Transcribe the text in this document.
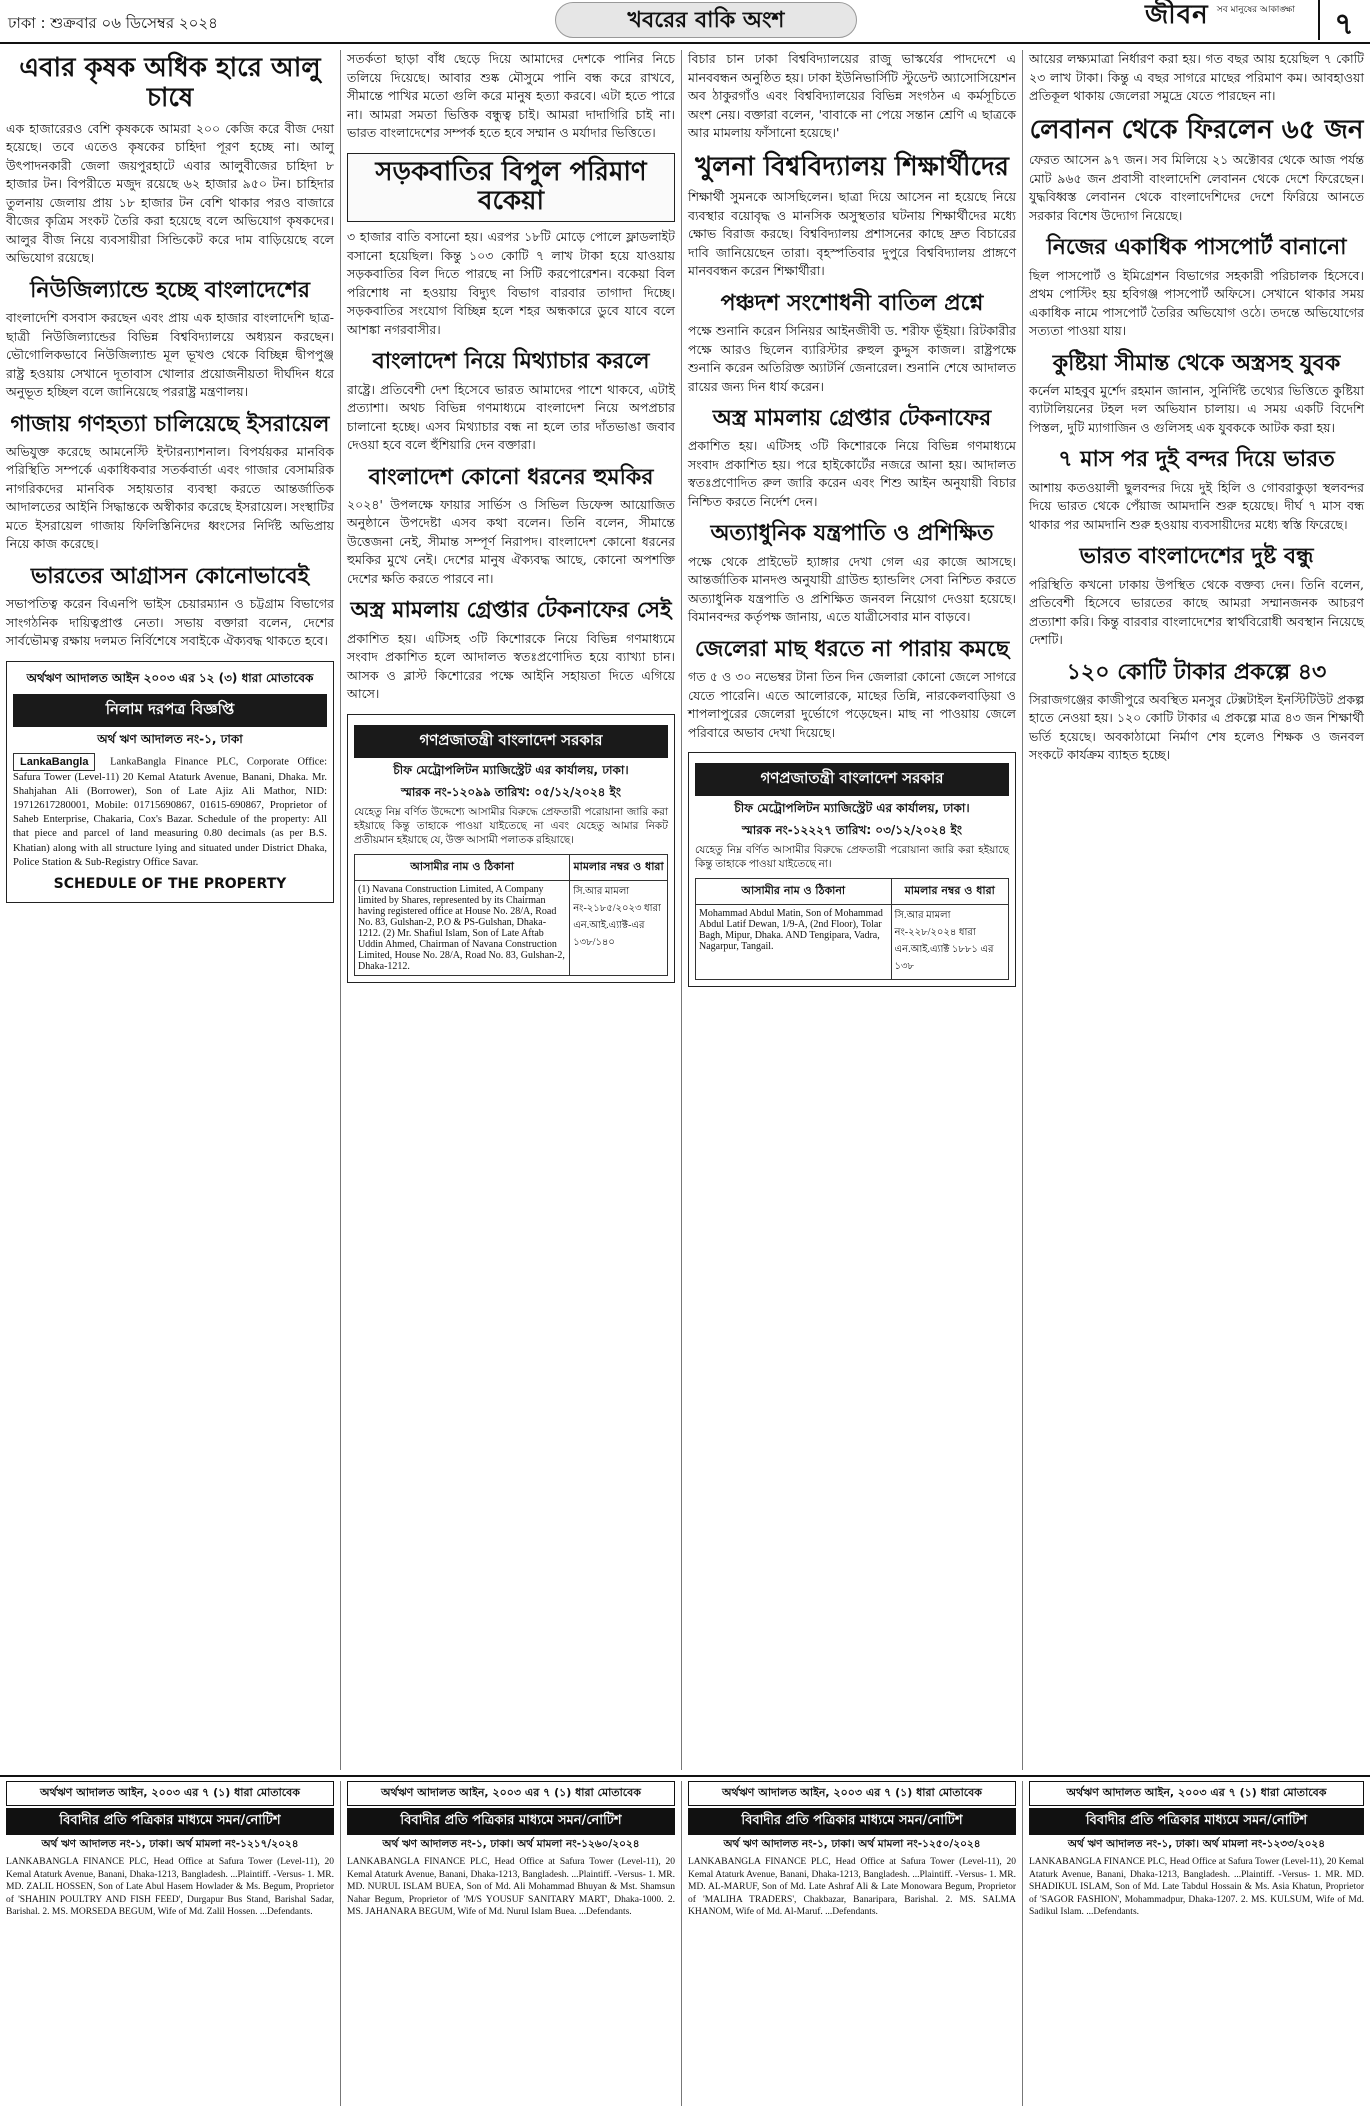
ঢাকা : শুক্রবার ০৬ ডিসেম্বর ২০২৪	খবরের বাকি অংশ	সব মানুষের আকাঙ্ক্ষা
জীবন	৭
এবার কৃষক অধিক হারে আলু চাষে

এক হাজারেরও বেশি কৃষককে আমরা ২০০ কেজি করে বীজ দেয়া হয়েছে। তবে এতেও কৃষকের চাহিদা পূরণ হচ্ছে না। আলু উৎপাদনকারী জেলা জয়পুরহাটে এবার আলুবীজের চাহিদা ৮ হাজার টন। বিপরীতে মজুদ রয়েছে ৬২ হাজার ৯৫০ টন। চাহিদার তুলনায় জেলায় প্রায় ১৮ হাজার টন বেশি থাকার পরও বাজারে বীজের কৃত্রিম সংকট তৈরি করা হয়েছে বলে অভিযোগ কৃষকদের। আলুর বীজ নিয়ে ব্যবসায়ীরা সিন্ডিকেট করে দাম বাড়িয়েছে বলে অভিযোগ রয়েছে।

নিউজিল্যান্ডে হচ্ছে বাংলাদেশের

বাংলাদেশি বসবাস করছেন এবং প্রায় এক হাজার বাংলাদেশি ছাত্র-ছাত্রী নিউজিল্যান্ডের বিভিন্ন বিশ্ববিদ্যালয়ে অধ্যয়ন করছেন। ভৌগোলিকভাবে নিউজিল্যান্ড মূল ভূখণ্ড থেকে বিচ্ছিন্ন দ্বীপপুঞ্জ রাষ্ট্র হওয়ায় সেখানে দূতাবাস খোলার প্রয়োজনীয়তা দীর্ঘদিন ধরে অনুভূত হচ্ছিল বলে জানিয়েছে পররাষ্ট্র মন্ত্রণালয়।

গাজায় গণহত্যা চালিয়েছে ইসরায়েল

অভিযুক্ত করেছে আমনেস্টি ইন্টারন্যাশনাল। বিপর্যয়কর মানবিক পরিস্থিতি সম্পর্কে একাধিকবার সতর্কবার্তা এবং গাজার বেসামরিক নাগরিকদের মানবিক সহায়তার ব্যবস্থা করতে আন্তর্জাতিক আদালতের আইনি সিদ্ধান্তকে অস্বীকার করেছে ইসরায়েল। সংস্থাটির মতে ইসরায়েল গাজায় ফিলিস্তিনিদের ধ্বংসের নির্দিষ্ট অভিপ্রায় নিয়ে কাজ করেছে।

ভারতের আগ্রাসন কোনোভাবেই

সভাপতিত্ব করেন বিএনপি ভাইস চেয়ারম্যান ও চট্টগ্রাম বিভাগের সাংগঠনিক দায়িত্বপ্রাপ্ত নেতা। সভায় বক্তারা বলেন, দেশের সার্বভৌমত্ব রক্ষায় দলমত নির্বিশেষে সবাইকে ঐক্যবদ্ধ থাকতে হবে।

অর্থঋণ আদালত আইন ২০০৩ এর ১২ (৩) ধারা মোতাবেক
নিলাম দরপত্র বিজ্ঞপ্তি
অর্থ ঋণ আদালত নং-১, ঢাকা
LankaBangla LankaBangla Finance PLC, Corporate Office: Safura Tower (Level-11) 20 Kemal Ataturk Avenue, Banani, Dhaka. Mr. Shahjahan Ali (Borrower), Son of Late Ajiz Ali Mathor, NID: 19712617280001, Mobile: 01715690867, 01615-690867, Proprietor of Saheb Enterprise, Chakaria, Cox's Bazar. Schedule of the property: All that piece and parcel of land measuring 0.80 decimals (as per B.S. Khatian) along with all structure lying and situated under District Dhaka, Police Station & Sub-Registry Office Savar.
SCHEDULE OF THE PROPERTY

সতর্কতা ছাড়া বাঁধ ছেড়ে দিয়ে আমাদের দেশকে পানির নিচে তলিয়ে দিয়েছে। আবার শুষ্ক মৌসুমে পানি বন্ধ করে রাখবে, সীমান্তে পাখির মতো গুলি করে মানুষ হত্যা করবে। এটা হতে পারে না। আমরা সমতা ভিত্তিক বন্ধুত্ব চাই। আমরা দাদাগিরি চাই না। ভারত বাংলাদেশের সম্পর্ক হতে হবে সম্মান ও মর্যাদার ভিত্তিতে।

সড়কবাতির বিপুল পরিমাণ বকেয়া

৩ হাজার বাতি বসানো হয়। এরপর ১৮টি মোড়ে পোলে ফ্লাডলাইট বসানো হয়েছিল। কিন্তু ১০৩ কোটি ৭ লাখ টাকা হয়ে যাওয়ায় সড়কবাতির বিল দিতে পারছে না সিটি করপোরেশন। বকেয়া বিল পরিশোধ না হওয়ায় বিদ্যুৎ বিভাগ বারবার তাগাদা দিচ্ছে। সড়কবাতির সংযোগ বিচ্ছিন্ন হলে শহর অন্ধকারে ডুবে যাবে বলে আশঙ্কা নগরবাসীর।

বাংলাদেশ নিয়ে মিথ্যাচার করলে

রাষ্ট্রে। প্রতিবেশী দেশ হিসেবে ভারত আমাদের পাশে থাকবে, এটাই প্রত্যাশা। অথচ বিভিন্ন গণমাধ্যমে বাংলাদেশ নিয়ে অপপ্রচার চালানো হচ্ছে। এসব মিথ্যাচার বন্ধ না হলে তার দাঁতভাঙা জবাব দেওয়া হবে বলে হুঁশিয়ারি দেন বক্তারা।

বাংলাদেশ কোনো ধরনের হুমকির

২০২৪' উপলক্ষে ফায়ার সার্ভিস ও সিভিল ডিফেন্স আয়োজিত অনুষ্ঠানে উপদেষ্টা এসব কথা বলেন। তিনি বলেন, সীমান্তে উত্তেজনা নেই, সীমান্ত সম্পূর্ণ নিরাপদ। বাংলাদেশ কোনো ধরনের হুমকির মুখে নেই। দেশের মানুষ ঐক্যবদ্ধ আছে, কোনো অপশক্তি দেশের ক্ষতি করতে পারবে না।

অস্ত্র মামলায় গ্রেপ্তার টেকনাফের সেই

প্রকাশিত হয়। এটিসহ ৩টি কিশোরকে নিয়ে বিভিন্ন গণমাধ্যমে সংবাদ প্রকাশিত হলে আদালত স্বতঃপ্রণোদিত হয়ে ব্যাখ্যা চান। আসক ও ব্লাস্ট কিশোরের পক্ষে আইনি সহায়তা দিতে এগিয়ে আসে।

গণপ্রজাতন্ত্রী বাংলাদেশ সরকার
চীফ মেট্রোপলিটন ম্যাজিস্ট্রেট এর কার্যালয়, ঢাকা।
স্মারক নং-১২০৯৯ তারিখ: ০৫/১২/২০২৪ ইং
যেহেতু নিম্ন বর্ণিত উদ্দেশ্যে আসামীর বিরুদ্ধে প্রেফতারী পরোয়ানা জারি করা হইয়াছে কিন্তু তাহাকে পাওয়া যাইতেছে না এবং যেহেতু আমার নিকট প্রতীয়মান হইয়াছে যে, উক্ত আসামী পলাতক রহিয়াছে।
আসামীর নাম ও ঠিকানা	মামলার নম্বর ও ধারা
(1) Navana Construction Limited, A Company limited by Shares, represented by its Chairman having registered office at House No. 28/A, Road No. 83, Gulshan-2, P.O & PS-Gulshan, Dhaka-1212. (2) Mr. Shafiul Islam, Son of Late Aftab Uddin Ahmed, Chairman of Navana Construction Limited, House No. 28/A, Road No. 83, Gulshan-2, Dhaka-1212.	সি.আর মামলা নং-২১৮৫/২০২৩ ধারা এন.আই.এ্যাক্ট-এর ১৩৮/১৪০

বিচার চান ঢাকা বিশ্ববিদ্যালয়ের রাজু ভাস্কর্যের পাদদেশে এ মানববন্ধন অনুষ্ঠিত হয়। ঢাকা ইউনিভার্সিটি স্টুডেন্ট অ্যাসোসিয়েশন অব ঠাকুরগাঁও এবং বিশ্ববিদ্যালয়ের বিভিন্ন সংগঠন এ কর্মসূচিতে অংশ নেয়। বক্তারা বলেন, 'বাবাকে না পেয়ে সন্তান শ্রেণি এ ছাত্রকে আর মামলায় ফাঁসানো হয়েছে।'

খুলনা বিশ্ববিদ্যালয় শিক্ষার্থীদের

শিক্ষার্থী সুমনকে আসছিলেন। ছাত্রা দিয়ে আসেন না হয়েছে নিয়ে ব্যবস্থার বয়োবৃদ্ধ ও মানসিক অসুস্থতার ঘটনায় শিক্ষার্থীদের মধ্যে ক্ষোভ বিরাজ করছে। বিশ্ববিদ্যালয় প্রশাসনের কাছে দ্রুত বিচারের দাবি জানিয়েছেন তারা। বৃহস্পতিবার দুপুরে বিশ্ববিদ্যালয় প্রাঙ্গণে মানববন্ধন করেন শিক্ষার্থীরা।

পঞ্চদশ সংশোধনী বাতিল প্রশ্নে

পক্ষে শুনানি করেন সিনিয়র আইনজীবী ড. শরীফ ভূঁইয়া। রিটকারীর পক্ষে আরও ছিলেন ব্যারিস্টার রুহুল কুদ্দুস কাজল। রাষ্ট্রপক্ষে শুনানি করেন অতিরিক্ত অ্যাটর্নি জেনারেল। শুনানি শেষে আদালত রায়ের জন্য দিন ধার্য করেন।

অস্ত্র মামলায় গ্রেপ্তার টেকনাফের

প্রকাশিত হয়। এটিসহ ৩টি কিশোরকে নিয়ে বিভিন্ন গণমাধ্যমে সংবাদ প্রকাশিত হয়। পরে হাইকোর্টের নজরে আনা হয়। আদালত স্বতঃপ্রণোদিত রুল জারি করেন এবং শিশু আইন অনুযায়ী বিচার নিশ্চিত করতে নির্দেশ দেন।

অত্যাধুনিক যন্ত্রপাতি ও প্রশিক্ষিত

পক্ষে থেকে প্রাইভেট হ্যাঙ্গার দেখা গেল এর কাজে আসছে। আন্তর্জাতিক মানদণ্ড অনুযায়ী গ্রাউন্ড হ্যান্ডলিং সেবা নিশ্চিত করতে অত্যাধুনিক যন্ত্রপাতি ও প্রশিক্ষিত জনবল নিয়োগ দেওয়া হয়েছে। বিমানবন্দর কর্তৃপক্ষ জানায়, এতে যাত্রীসেবার মান বাড়বে।

জেলেরা মাছ ধরতে না পারায় কমছে

গত ৫ ও ৩০ নভেম্বর টানা তিন দিন জেলারা কোনো জেলে সাগরে যেতে পারেনি। এতে আলোরকে, মাছের তিন্নি, নারকেলবাড়িয়া ও শাপলাপুরের জেলেরা দুর্ভোগে পড়েছেন। মাছ না পাওয়ায় জেলে পরিবারে অভাব দেখা দিয়েছে।

গণপ্রজাতন্ত্রী বাংলাদেশ সরকার
চীফ মেট্রোপলিটন ম্যাজিস্ট্রেট এর কার্যালয়, ঢাকা।
স্মারক নং-১২২২৭ তারিখ: ০৩/১২/২০২৪ ইং
যেহেতু নিম্ন বর্ণিত আসামীর বিরুদ্ধে প্রেফতারী পরোয়ানা জারি করা হইয়াছে কিন্তু তাহাকে পাওয়া যাইতেছে না।
আসামীর নাম ও ঠিকানা	মামলার নম্বর ও ধারা
Mohammad Abdul Matin, Son of Mohammad Abdul Latif Dewan, 1/9-A, (2nd Floor), Tolar Bagh, Mipur, Dhaka. AND Tengipara, Vadra, Nagarpur, Tangail.	সি.আর মামলা নং-২২৮/২০২৪ ধারা এন.আই.এ্যাক্ট ১৮৮১ এর ১৩৮

আয়ের লক্ষ্যমাত্রা নির্ধারণ করা হয়। গত বছর আয় হয়েছিল ৭ কোটি ২৩ লাখ টাকা। কিন্তু এ বছর সাগরে মাছের পরিমাণ কম। আবহাওয়া প্রতিকূল থাকায় জেলেরা সমুদ্রে যেতে পারছেন না।

লেবানন থেকে ফিরলেন ৬৫ জন

ফেরত আসেন ৯৭ জন। সব মিলিয়ে ২১ অক্টোবর থেকে আজ পর্যন্ত মোট ৯৬৫ জন প্রবাসী বাংলাদেশি লেবানন থেকে দেশে ফিরেছেন। যুদ্ধবিধ্বস্ত লেবানন থেকে বাংলাদেশিদের দেশে ফিরিয়ে আনতে সরকার বিশেষ উদ্যোগ নিয়েছে।

নিজের একাধিক পাসপোর্ট বানানো

ছিল পাসপোর্ট ও ইমিগ্রেশন বিভাগের সহকারী পরিচালক হিসেবে। প্রথম পোস্টিং হয় হবিগঞ্জ পাসপোর্ট অফিসে। সেখানে থাকার সময় একাধিক নামে পাসপোর্ট তৈরির অভিযোগ ওঠে। তদন্তে অভিযোগের সত্যতা পাওয়া যায়।

কুষ্টিয়া সীমান্ত থেকে অস্ত্রসহ যুবক

কর্নেল মাহবুব মুর্শেদ রহমান জানান, সুনির্দিষ্ট তথ্যের ভিত্তিতে কুষ্টিয়া ব্যাটালিয়নের টহল দল অভিযান চালায়। এ সময় একটি বিদেশি পিস্তল, দুটি ম্যাগাজিন ও গুলিসহ এক যুবককে আটক করা হয়।

৭ মাস পর দুই বন্দর দিয়ে ভারত

আশায় কতওয়ালী ছুলবন্দর দিয়ে দুই হিলি ও গোবরাকুড়া স্থলবন্দর দিয়ে ভারত থেকে পেঁয়াজ আমদানি শুরু হয়েছে। দীর্ঘ ৭ মাস বন্ধ থাকার পর আমদানি শুরু হওয়ায় ব্যবসায়ীদের মধ্যে স্বস্তি ফিরেছে।

ভারত বাংলাদেশের দুষ্ট বন্ধু

পরিস্থিতি কখনো ঢাকায় উপস্থিত থেকে বক্তব্য দেন। তিনি বলেন, প্রতিবেশী হিসেবে ভারতের কাছে আমরা সম্মানজনক আচরণ প্রত্যাশা করি। কিন্তু বারবার বাংলাদেশের স্বার্থবিরোধী অবস্থান নিয়েছে দেশটি।

১২০ কোটি টাকার প্রকল্পে ৪৩

সিরাজগঞ্জের কাজীপুরে অবস্থিত মনসুর টেক্সটাইল ইনস্টিটিউট প্রকল্প হাতে নেওয়া হয়। ১২০ কোটি টাকার এ প্রকল্পে মাত্র ৪৩ জন শিক্ষার্থী ভর্তি হয়েছে। অবকাঠামো নির্মাণ শেষ হলেও শিক্ষক ও জনবল সংকটে কার্যক্রম ব্যাহত হচ্ছে।

অর্থঋণ আদালত আইন, ২০০৩ এর ৭ (১) ধারা মোতাবেক
বিবাদীর প্রতি পত্রিকার মাধ্যমে সমন/নোটিশ
অর্থ ঋণ আদালত নং-১, ঢাকা। অর্থ মামলা নং-১২১৭/২০২৪
LANKABANGLA FINANCE PLC, Head Office at Safura Tower (Level-11), 20 Kemal Ataturk Avenue, Banani, Dhaka-1213, Bangladesh. ...Plaintiff. -Versus- 1. MR. MD. ZALIL HOSSEN, Son of Late Abul Hasem Howlader & Ms. Begum, Proprietor of 'SHAHIN POULTRY AND FISH FEED', Durgapur Bus Stand, Barishal Sadar, Barishal. 2. MS. MORSEDA BEGUM, Wife of Md. Zalil Hossen. ...Defendants.
অর্থঋণ আদালত আইন, ২০০৩ এর ৭ (১) ধারা মোতাবেক
বিবাদীর প্রতি পত্রিকার মাধ্যমে সমন/নোটিশ
অর্থ ঋণ আদালত নং-১, ঢাকা। অর্থ মামলা নং-১২৬০/২০২৪
LANKABANGLA FINANCE PLC, Head Office at Safura Tower (Level-11), 20 Kemal Ataturk Avenue, Banani, Dhaka-1213, Bangladesh. ...Plaintiff. -Versus- 1. MR. MD. NURUL ISLAM BUEA, Son of Md. Ali Mohammad Bhuyan & Mst. Shamsun Nahar Begum, Proprietor of 'M/S YOUSUF SANITARY MART', Dhaka-1000. 2. MS. JAHANARA BEGUM, Wife of Md. Nurul Islam Buea. ...Defendants.
অর্থঋণ আদালত আইন, ২০০৩ এর ৭ (১) ধারা মোতাবেক
বিবাদীর প্রতি পত্রিকার মাধ্যমে সমন/নোটিশ
অর্থ ঋণ আদালত নং-১, ঢাকা। অর্থ মামলা নং-১২৫০/২০২৪
LANKABANGLA FINANCE PLC, Head Office at Safura Tower (Level-11), 20 Kemal Ataturk Avenue, Banani, Dhaka-1213, Bangladesh. ...Plaintiff. -Versus- 1. MR. MD. AL-MARUF, Son of Md. Late Ashraf Ali & Late Monowara Begum, Proprietor of 'MALIHA TRADERS', Chakbazar, Banaripara, Barishal. 2. MS. SALMA KHANOM, Wife of Md. Al-Maruf. ...Defendants.
অর্থঋণ আদালত আইন, ২০০৩ এর ৭ (১) ধারা মোতাবেক
বিবাদীর প্রতি পত্রিকার মাধ্যমে সমন/নোটিশ
অর্থ ঋণ আদালত নং-১, ঢাকা। অর্থ মামলা নং-১২৩৩/২০২৪
LANKABANGLA FINANCE PLC, Head Office at Safura Tower (Level-11), 20 Kemal Ataturk Avenue, Banani, Dhaka-1213, Bangladesh. ...Plaintiff. -Versus- 1. MR. MD. SHADIKUL ISLAM, Son of Md. Late Tabdul Hossain & Ms. Asia Khatun, Proprietor of 'SAGOR FASHION', Mohammadpur, Dhaka-1207. 2. MS. KULSUM, Wife of Md. Sadikul Islam. ...Defendants.
